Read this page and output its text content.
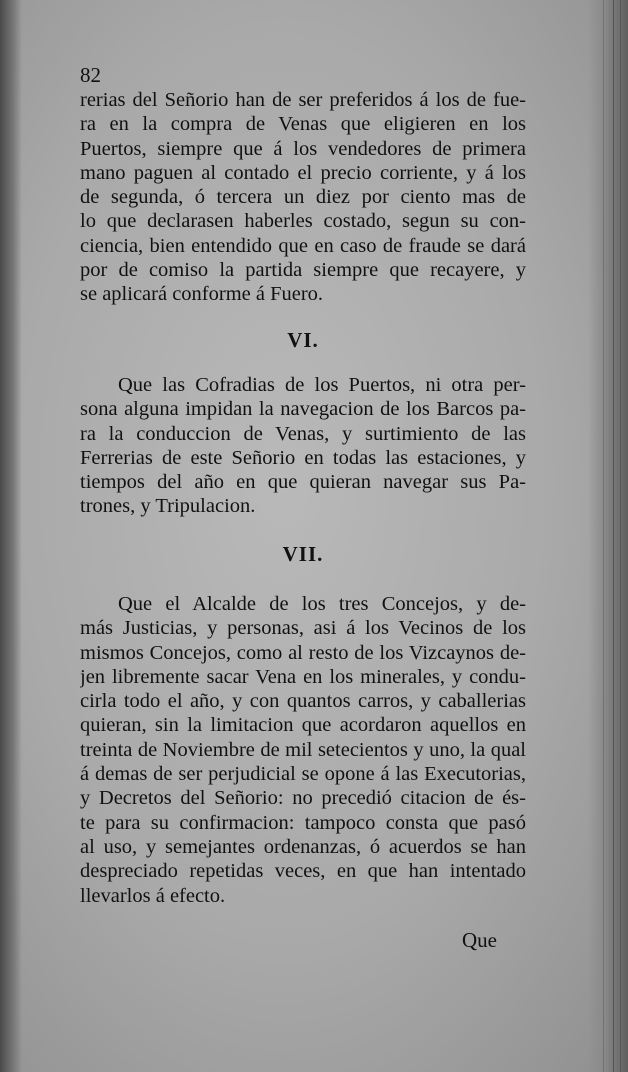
82
rerias del Señorio han de ser preferidos á los de fue-
ra en la compra de Venas que eligieren en los
Puertos, siempre que á los vendedores de primera
mano paguen al contado el precio corriente, y á los
de segunda, ó tercera un diez por ciento mas de
lo que declarasen haberles costado, segun su con-
ciencia, bien entendido que en caso de fraude se dará
por de comiso la partida siempre que recayere, y
se aplicará conforme á Fuero.
VI.
Que las Cofradias de los Puertos, ni otra per-
sona alguna impidan la navegacion de los Barcos pa-
ra la conduccion de Venas, y surtimiento de las
Ferrerias de este Señorio en todas las estaciones, y
tiempos del año en que quieran navegar sus Pa-
trones, y Tripulacion.
VII.
Que el Alcalde de los tres Concejos, y de-
más Justicias, y personas, asi á los Vecinos de los
mismos Concejos, como al resto de los Vizcaynos de-
jen libremente sacar Vena en los minerales, y condu-
cirla todo el año, y con quantos carros, y caballerias
quieran, sin la limitacion que acordaron aquellos en
treinta de Noviembre de mil setecientos y uno, la qual
á demas de ser perjudicial se opone á las Executorias,
y Decretos del Señorio: no precedió citacion de és-
te para su confirmacion: tampoco consta que pasó
al uso, y semejantes ordenanzas, ó acuerdos se han
despreciado repetidas veces, en que han intentado
llevarlos á efecto.
Que
